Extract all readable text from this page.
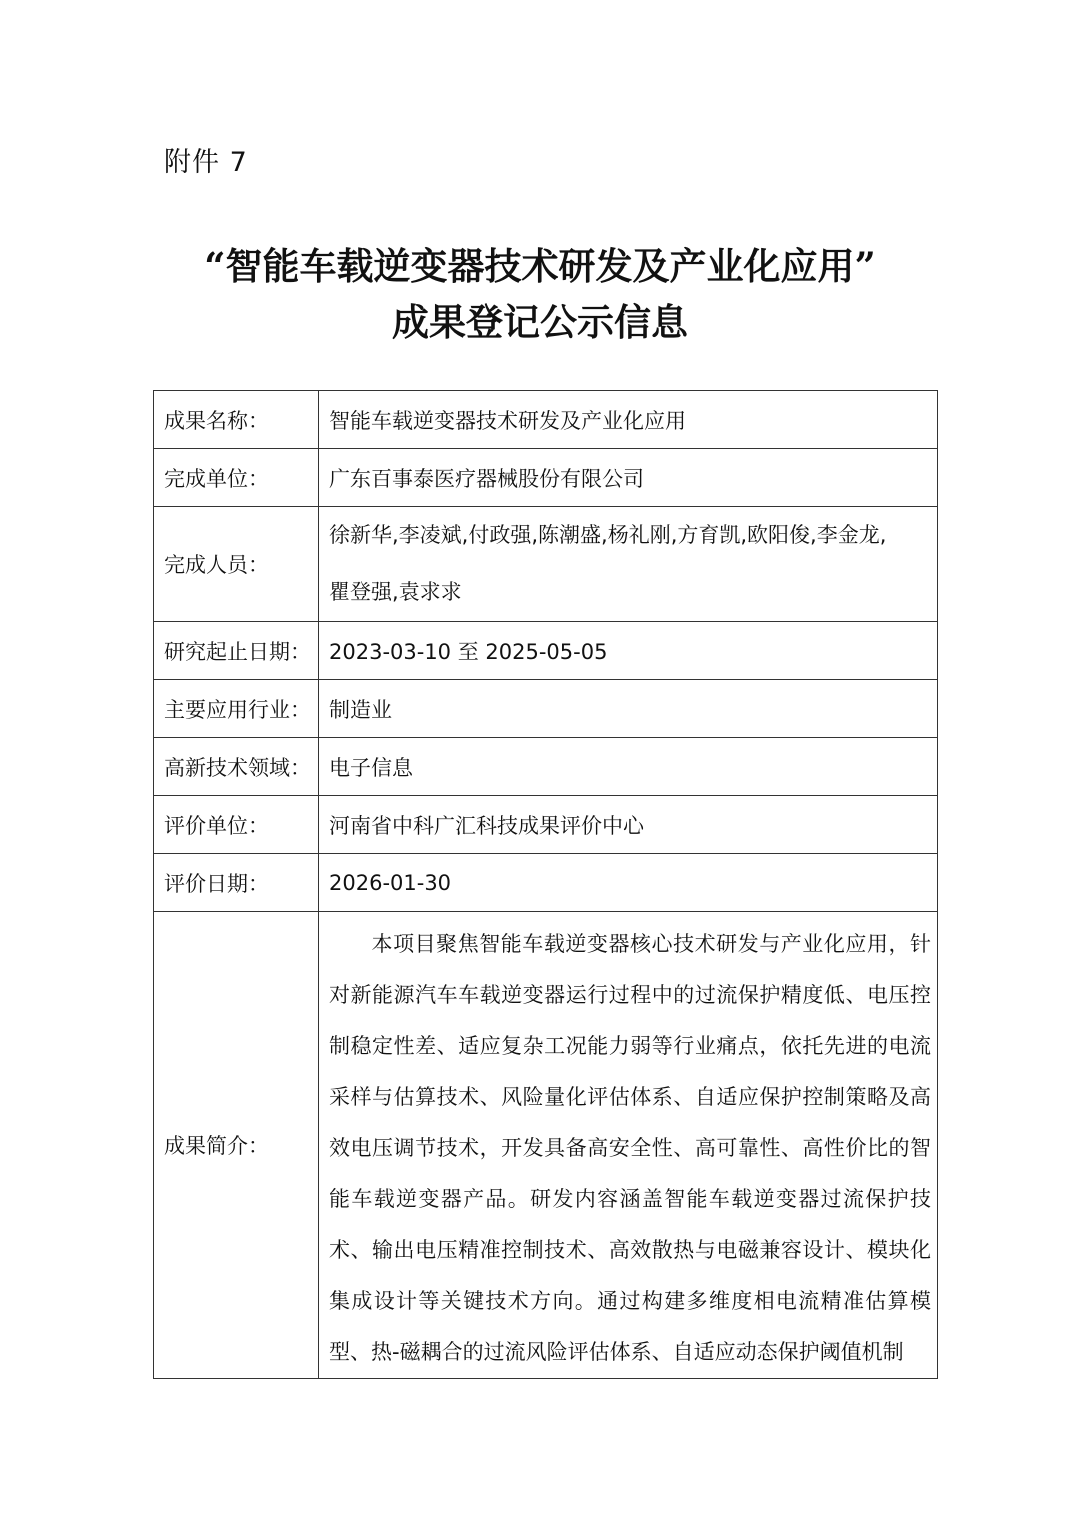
附件 7
“智能车载逆变器技术研发及产业化应用”
成果登记公示信息
成果名称：	智能车载逆变器技术研发及产业化应用
完成单位：	广东百事泰医疗器械股份有限公司
完成人员：	徐新华,李凌斌,付政强,陈潮盛,杨礼刚,方育凯,欧阳俊,李金龙,
瞿登强,袁求求

研究起止日期：	2023-03-10 至 2025-05-05
主要应用行业：	制造业
高新技术领域：	电子信息
评价单位：	河南省中科广汇科技成果评价中心
评价日期：	2026-01-30
成果简介：	本项目聚焦智能车载逆变器核心技术研发与产业化应用，针对新能源汽车车载逆变器运行过程中的过流保护精度低、电压控制稳定性差、适应复杂工况能力弱等行业痛点，依托先进的电流采样与估算技术、风险量化评估体系、自适应保护控制策略及高效电压调节技术，开发具备高安全性、高可靠性、高性价比的智能车载逆变器产品。研发内容涵盖智能车载逆变器过流保护技术、输出电压精准控制技术、高效散热与电磁兼容设计、模块化集成设计等关键技术方向。通过构建多维度相电流精准估算模型、热-磁耦合的过流风险评估体系、自适应动态保护阈值机制
